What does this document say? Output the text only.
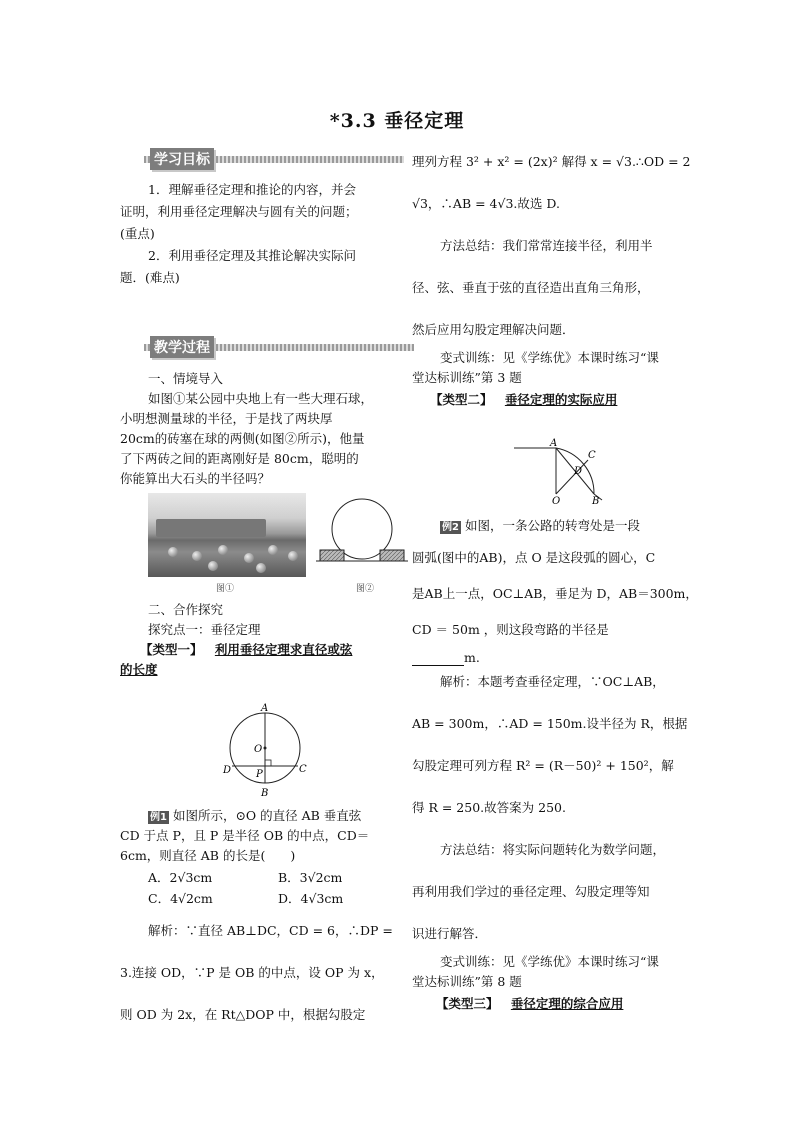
*3.3 垂径定理
学习目标
1．理解垂径定理和推论的内容，并会
证明，利用垂径定理解决与圆有关的问题；
(重点)
2．利用垂径定理及其推论解决实际问
题．(难点)
教学过程
一、情境导入
如图①某公园中央地上有一些大理石球，
小明想测量球的半径，于是找了两块厚
20cm的砖塞在球的两侧(如图②所示)，他量
了下两砖之间的距离刚好是 80cm，聪明的
你能算出大石头的半径吗？
图①	图②
二、合作探究
探究点一：垂径定理
【类型一】 利用垂径定理求直径或弦
的长度
A
O
D P	C
B
例1 如图所示，⊙O 的直径 AB 垂直弦
CD 于点 P，且 P 是半径 OB 的中点，CD＝
6cm，则直径 AB 的长是(　　)
A．2√3cm	B．3√2cm
C．4√2cm	D．4√3cm
解析：∵直径 AB⊥DC，CD = 6，∴DP =
3.连接 OD，∵P 是 OB 的中点，设 OP 为 x，
则 OD 为 2x，在 Rt△DOP 中，根据勾股定
理列方程 3² + x² = (2x)² 解得 x = √3.∴OD = 2
√3，∴AB = 4√3.故选 D.
方法总结：我们常常连接半径，利用半
径、弦、垂直于弦的直径造出直角三角形，
然后应用勾股定理解决问题．
变式训练：见《学练优》本课时练习“课
堂达标训练”第 3 题
【类型二】 垂径定理的实际应用
A
C
D
O	B
例2 如图，一条公路的转弯处是一段
圆弧(图中的AB)，点 O 是这段弧的圆心，C
是AB上一点，OC⊥AB，垂足为 D，AB＝300m，
CD ＝ 50m ，则这段弯路的半径是
m.
解析：本题考查垂径定理，∵OC⊥AB，
AB = 300m，∴AD = 150m.设半径为 R，根据
勾股定理可列方程 R² = (R－50)² + 150²，解
得 R = 250.故答案为 250.
方法总结：将实际问题转化为数学问题，
再利用我们学过的垂径定理、勾股定理等知
识进行解答．
变式训练：见《学练优》本课时练习“课
堂达标训练”第 8 题
【类型三】 垂径定理的综合应用
